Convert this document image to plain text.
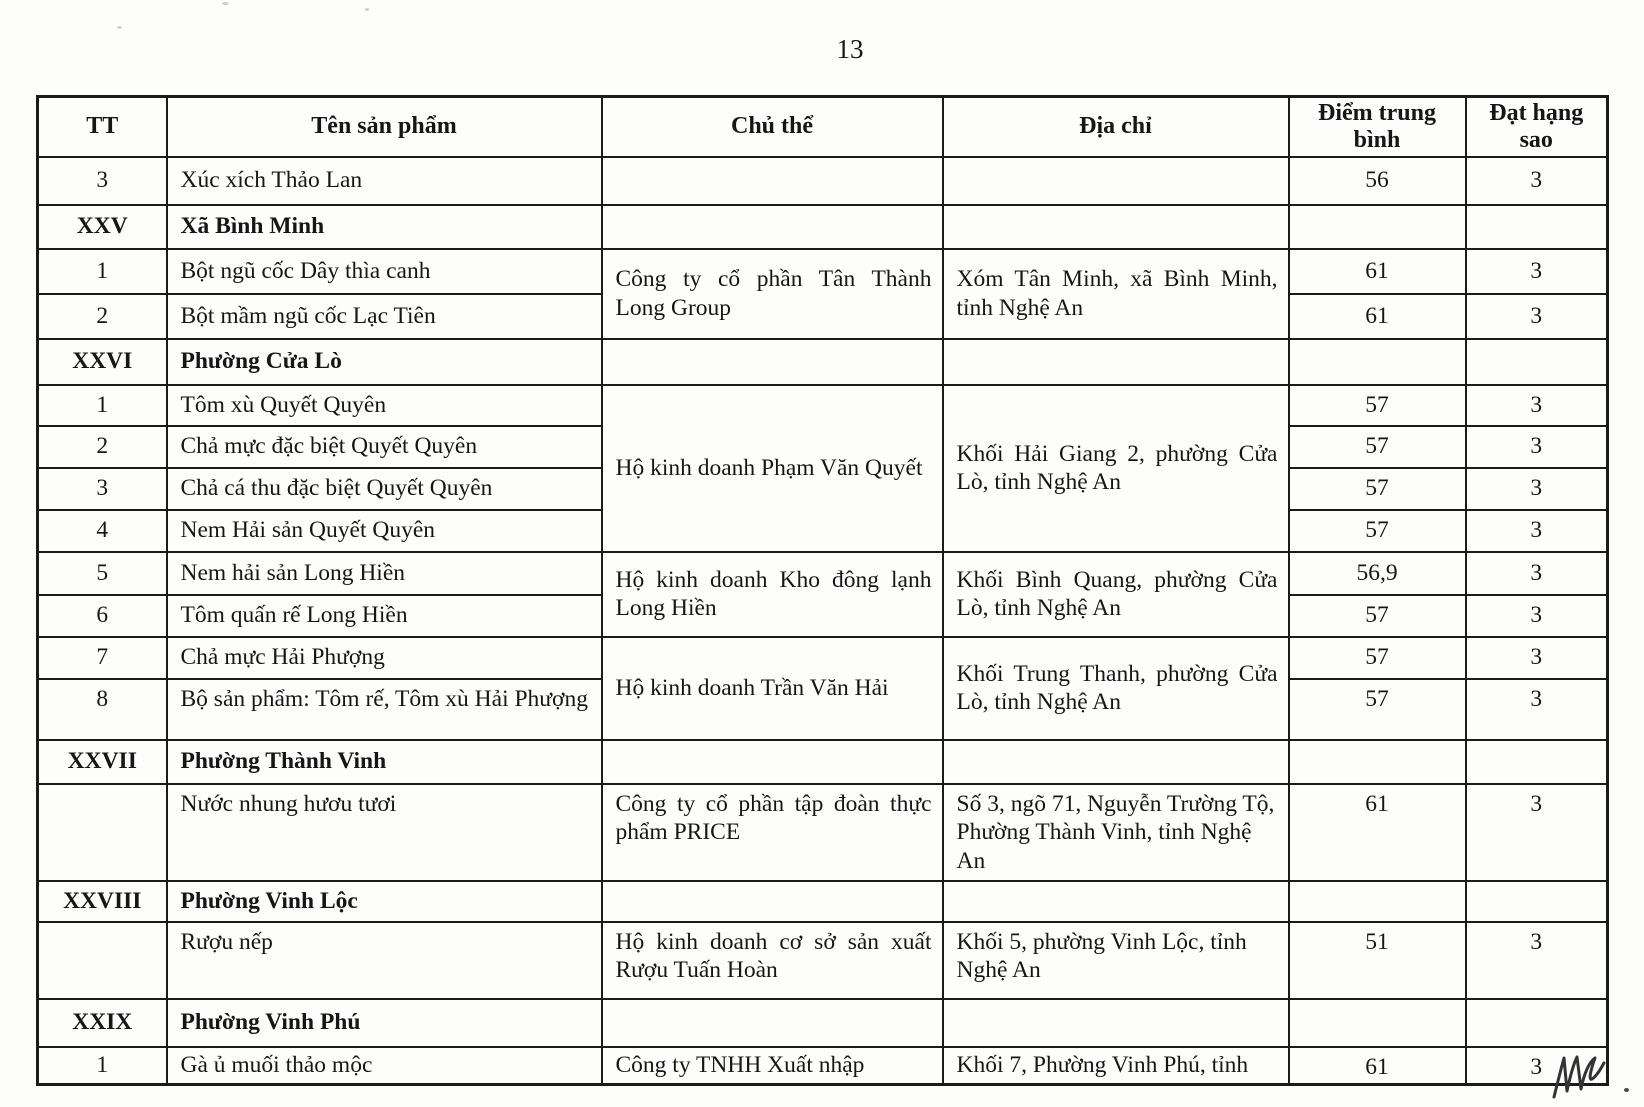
13
TT	Tên sản phẩm	Chủ thể	Địa chỉ	Điểm trung bình	Đạt hạng sao
3	Xúc xích Thảo Lan			56	3
XXV	Xã Bình Minh				
1	Bột ngũ cốc Dây thìa canh	Công ty cổ phần Tân Thành Long Group	Xóm Tân Minh, xã Bình Minh, tỉnh Nghệ An	61	3
2	Bột mầm ngũ cốc Lạc Tiên			61	3
XXVI	Phường Cửa Lò				
1	Tôm xù Quyết Quyên	Hộ kinh doanh Phạm Văn Quyết	Khối Hải Giang 2, phường Cửa Lò, tỉnh Nghệ An	57	3
2	Chả mực đặc biệt Quyết Quyên			57	3
3	Chả cá thu đặc biệt Quyết Quyên			57	3
4	Nem Hải sản Quyết Quyên			57	3
5	Nem hải sản Long Hiền	Hộ kinh doanh Kho đông lạnh Long Hiền	Khối Bình Quang, phường Cửa Lò, tỉnh Nghệ An	56,9	3
6	Tôm quấn rế Long Hiền			57	3
7	Chả mực Hải Phượng	Hộ kinh doanh Trần Văn Hải	Khối Trung Thanh, phường Cửa Lò, tỉnh Nghệ An	57	3
8	Bộ sản phẩm: Tôm rế, Tôm xù Hải Phượng			57	3
XXVII	Phường Thành Vinh				
	Nước nhung hươu tươi	Công ty cổ phần tập đoàn thực phẩm PRICE	Số 3, ngõ 71, Nguyễn Trường Tộ, Phường Thành Vinh, tỉnh Nghệ An	61	3
XXVIII	Phường Vinh Lộc				
	Rượu nếp	Hộ kinh doanh cơ sở sản xuất Rượu Tuấn Hoàn	Khối 5, phường Vinh Lộc, tỉnh Nghệ An	51	3
XXIX	Phường Vinh Phú				
1	Gà ủ muối thảo mộc	Công ty TNHH Xuất nhập	Khối 7, Phường Vinh Phú, tỉnh	61	3
